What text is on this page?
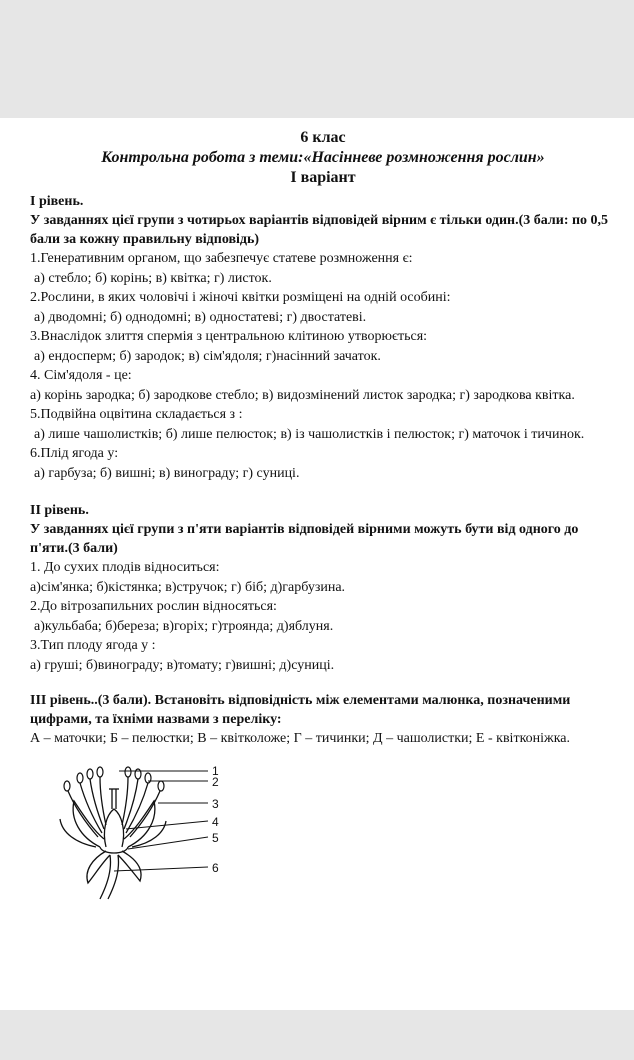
6 клас
Контрольна робота з теми:«Насінневе розмноження рослин»
І варіант
І рівень.
У завданнях цієї групи з чотирьох варіантів відповідей вірним є тільки один.(3 бали: по 0,5 бали за кожну правильну відповідь)
1.Генеративним органом, що забезпечує статеве розмноження є:
а) стебло; б) корінь; в) квітка; г) листок.
2.Рослини, в яких чоловічі і жіночі квітки розміщені на одній особині:
а) дводомні; б) однодомні; в) одностатеві; г) двостатеві.
3.Внаслідок злиття спермія з центральною клітиною утворюється:
а) ендосперм; б) зародок; в) сім'ядоля; г)насінний зачаток.
4. Сім'ядоля - це:
а) корінь зародка; б) зародкове стебло; в) видозмінений листок зародка; г) зародкова квітка.
5.Подвійна оцвітина складається з :
а) лише чашолистків; б) лише пелюсток; в) із чашолистків і пелюсток; г) маточок і тичинок.
6.Плід ягода у:
а) гарбуза; б) вишні; в) винограду; г) суниці.
ІІ рівень.
У завданнях цієї групи з п'яти варіантів відповідей вірними можуть бути від одного до п'яти.(3 бали)
1. До сухих плодів відноситься:
а)сім'янка; б)кістянка; в)стручок; г) біб; д)гарбузина.
2.До вітрозапильних рослин відносяться:
а)кульбаба; б)береза; в)горіх; г)троянда; д)яблуня.
3.Тип плоду ягода у :
а) груші; б)винограду; в)томату; г)вишні; д)суниці.
ІІІ рівень..(3 бали). Встановіть відповідність між елементами малюнка, позначеними цифрами, та їхніми назвами з переліку:
А – маточки; Б – пелюстки; В – квітколоже; Г – тичинки; Д – чашолистки; Е - квітконіжка.
1
2
3
4
5
6
